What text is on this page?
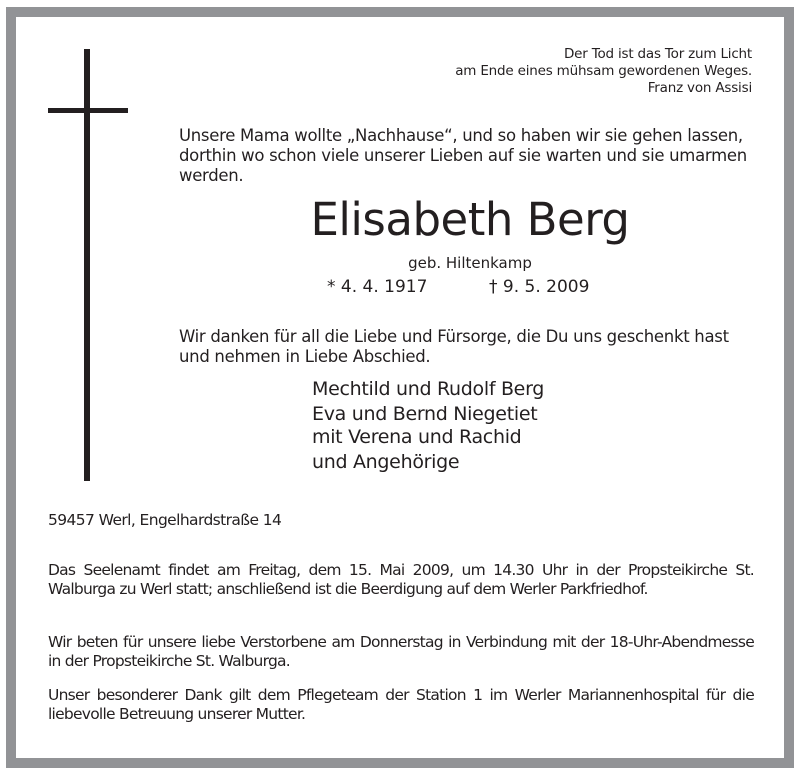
Der Tod ist das Tor zum Licht
am Ende eines mühsam gewordenen Weges.
Franz von Assisi
Unsere Mama wollte „Nachhause“, und so haben wir sie gehen lassen, dorthin wo schon viele unserer Lieben auf sie warten und sie umarmen werden.
Elisabeth Berg
geb. Hiltenkamp
* 4. 4. 1917	† 9. 5. 2009
Wir danken für all die Liebe und Fürsorge, die Du uns geschenkt hast und nehmen in Liebe Abschied.
Mechtild und Rudolf Berg
Eva und Bernd Niegetiet
mit Verena und Rachid
und Angehörige
59457 Werl, Engelhardstraße 14
Das Seelenamt findet am Freitag, dem 15. Mai 2009, um 14.30 Uhr in der Propsteikirche St. Walburga zu Werl statt; anschließend ist die Beerdigung auf dem Werler Parkfriedhof.
Wir beten für unsere liebe Verstorbene am Donnerstag in Verbindung mit der 18-Uhr-Abendmesse in der Propsteikirche St. Walburga.
Unser besonderer Dank gilt dem Pflegeteam der Station 1 im Werler Mariannenhospital für die liebevolle Betreuung unserer Mutter.
